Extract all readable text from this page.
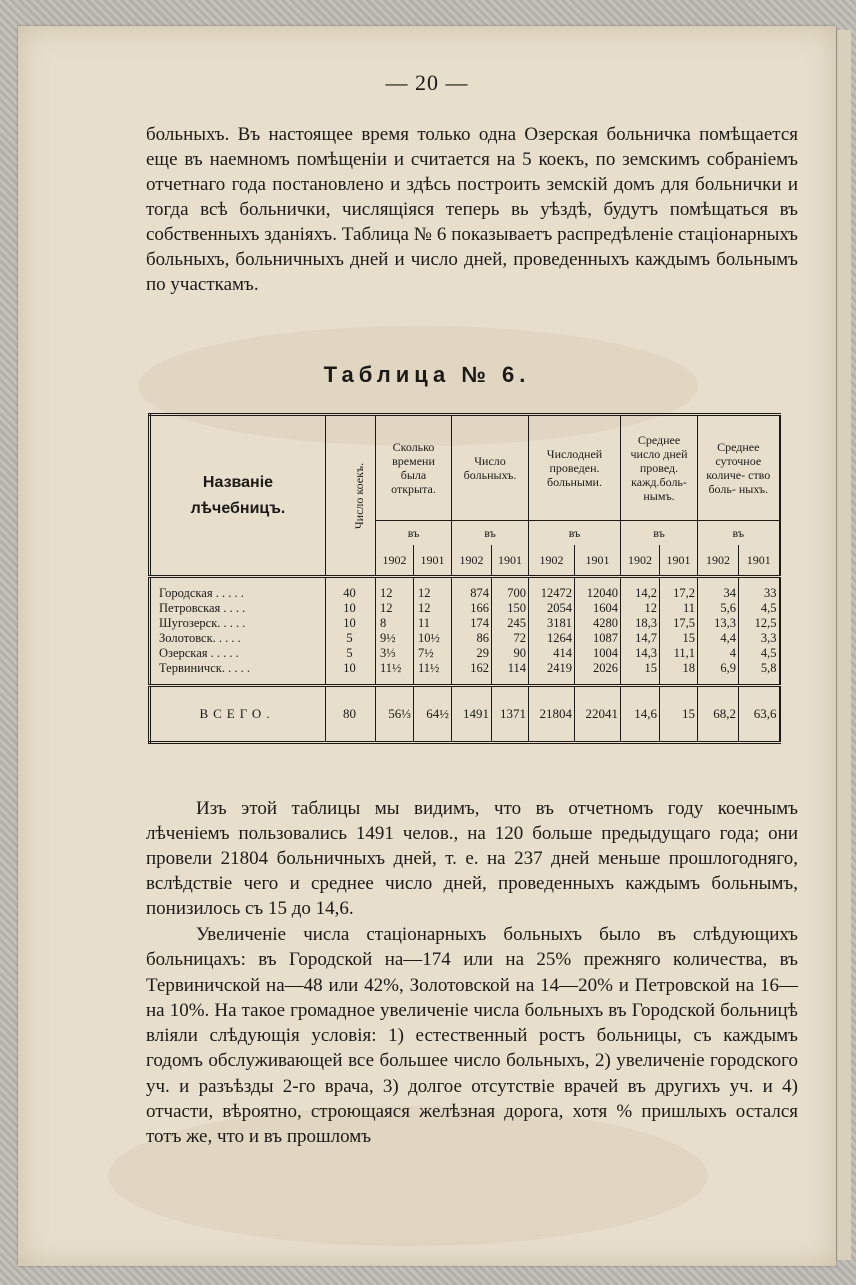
— 20 —

больныхъ. Въ настоящее время только одна Озерская больничка помѣщается еще въ наемномъ помѣщеніи и считается на 5 коекъ, по земскимъ собраніемъ отчетнаго года постановлено и здѣсь построить земскій домъ для больнички и тогда всѣ больнички, числящіяся теперь вь уѣздѣ, будутъ помѣщаться въ собственныхъ зданіяхъ. Таблица № 6 показываетъ распредѣленіе стаціонарныхъ больныхъ, больничныхъ дней и число дней, проведенныхъ каждымъ больнымъ по участкамъ.

Таблица № 6.
Названіе лѣчебницъ.	Число коекъ.	Сколько времени была открыта.		Число больныхъ.		Числодней проведен. больными.		Среднее число дней провед. кажд.боль- нымъ.		Среднее суточное количе- ство боль- ныхъ.	
		въ		въ		въ		въ		въ	
		1902	1901	1902	1901	1902	1901	1902	1901	1902	1901

Городская . . . . .	40	12	12	874	700	12472	12040	14,2	17,2	34	33
Петровская . . . .	10	12	12	166	150	2054	1604	12	11	5,6	4,5
Шугозерск. . . . .	10	8	11	174	245	3181	4280	18,3	17,5	13,3	12,5
Золотовск. . . . .	5	9½	10½	86	72	1264	1087	14,7	15	4,4	3,3
Озерская . . . . .	5	3⅓	7½	29	90	414	1004	14,3	11,1	4	4,5
Тервиничск. . . . .	10	11½	11½	162	114	2419	2026	15	18	6,9	5,8

ВСЕГО.	80	56⅓	64½	1491	1371	21804	22041	14,6	15	68,2	63,6

Изъ этой таблицы мы видимъ, что въ отчетномъ году коечнымъ лѣченіемъ пользовались 1491 челов., на 120 больше предыдущаго года; они провели 21804 больничныхъ дней, т. е. на 237 дней меньше прошлогодняго, вслѣдствіе чего и среднее число дней, проведенныхъ каждымъ больнымъ, понизилось съ 15 до 14,6.

Увеличеніе числа стаціонарныхъ больныхъ было въ слѣдующихъ больницахъ: въ Городской на—174 или на 25% прежняго количества, въ Тервиничской на—48 или 42%, Золотовской на 14—20% и Петровской на 16—на 10%. На такое громадное увеличеніе числа больныхъ въ Городской больницѣ вліяли слѣдующія условія: 1) естественный ростъ больницы, съ каждымъ годомъ обслуживающей все большее число больныхъ, 2) увеличеніе городского уч. и разъѣзды 2-го врача, 3) долгое отсутствіе врачей въ другихъ уч. и 4) отчасти, вѣроятно, строющаяся желѣзная дорога, хотя % пришлыхъ остался тотъ же, что и въ прошломъ
